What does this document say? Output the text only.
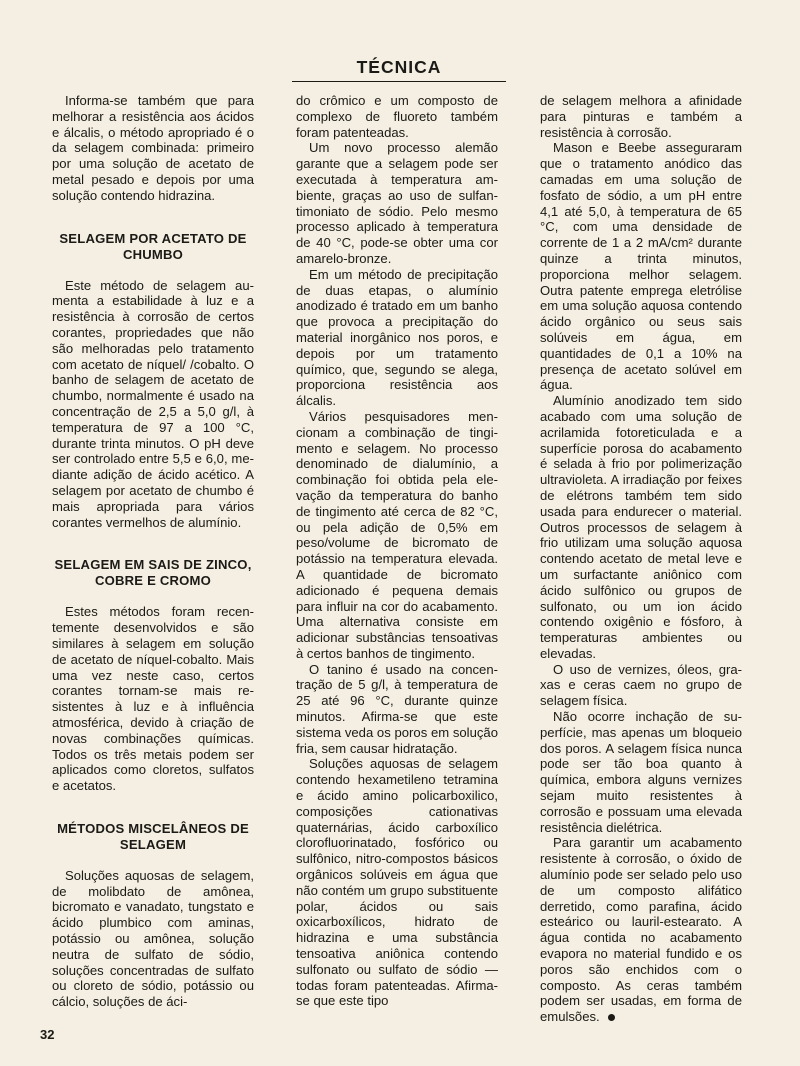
TÉCNICA

Informa-se também que para melhorar a resistência aos ácidos e álcalis, o método apropriado é o da selagem combinada: primeiro por uma solução de acetato de metal pesado e depois por uma solução contendo hidrazina.

SELAGEM POR ACETATO DE CHUMBO

Este método de selagem aumenta a estabilidade à luz e a resistência à corrosão de certos corantes, propriedades que não são melhoradas pelo tratamento com acetato de níquel/ /cobalto. O banho de selagem de acetato de chumbo, normalmente é usado na concentração de 2,5 a 5,0 g/l, à temperatura de 97 a 100 °C, durante trinta minutos. O pH deve ser controlado entre 5,5 e 6,0, mediante adição de ácido acético. A selagem por acetato de chumbo é mais apropriada para vários corantes vermelhos de alumínio.

SELAGEM EM SAIS DE ZINCO, COBRE E CROMO

Estes métodos foram recentemente desenvolvidos e são similares à selagem em solução de acetato de níquel-cobalto. Mais uma vez neste caso, certos corantes tornam-se mais resistentes à luz e à influência atmosférica, devido à criação de novas combinações químicas. Todos os três metais podem ser aplicados como cloretos, sulfatos e acetatos.

MÉTODOS MISCELÂNEOS DE SELAGEM

Soluções aquosas de selagem, de molibdato de amônea, bicromato e vanadato, tungstato e ácido plumbico com aminas, potássio ou amônea, solução neutra de sulfato de sódio, soluções concentradas de sulfato ou cloreto de sódio, potássio ou cálcio, soluções de áci-

do crômico e um composto de complexo de fluoreto também foram patenteadas.

Um novo processo alemão garante que a selagem pode ser executada à temperatura ambiente, graças ao uso de sulfantimoniato de sódio. Pelo mesmo processo aplicado à temperatura de 40 °C, pode-se obter uma cor amarelo-bronze.

Em um método de precipitação de duas etapas, o alumínio anodizado é tratado em um banho que provoca a precipitação do material inorgânico nos poros, e depois por um tratamento químico, que, segundo se alega, proporciona resistência aos álcalis.

Vários pesquisadores mencionam a combinação de tingimento e selagem. No processo denominado de dialumínio, a combinação foi obtida pela elevação da temperatura do banho de tingimento até cerca de 82 °C, ou pela adição de 0,5% em peso/volume de bicromato de potássio na temperatura elevada. A quantidade de bicromato adicionado é pequena demais para influir na cor do acabamento. Uma alternativa consiste em adicionar substâncias tensoativas à certos banhos de tingimento.

O tanino é usado na concentração de 5 g/l, à temperatura de 25 até 96 °C, durante quinze minutos. Afirma-se que este sistema veda os poros em solução fria, sem causar hidratação.

Soluções aquosas de selagem contendo hexametileno tetramina e ácido amino policarboxilico, composições cationativas quaternárias, ácido carboxílico clorofluorinatado, fosfórico ou sulfônico, nitro-compostos básicos orgânicos solúveis em água que não contém um grupo substituente polar, ácidos ou sais oxicarboxílicos, hidrato de hidrazina e uma substância tensoativa aniônica contendo sulfonato ou sulfato de sódio — todas foram patenteadas. Afirma-se que este tipo

de selagem melhora a afinidade para pinturas e também a resistência à corrosão.

Mason e Beebe asseguraram que o tratamento anódico das camadas em uma solução de fosfato de sódio, a um pH entre 4,1 até 5,0, à temperatura de 65 °C, com uma densidade de corrente de 1 a 2 mA/cm² durante quinze a trinta minutos, proporciona melhor selagem. Outra patente emprega eletrólise em uma solução aquosa contendo ácido orgânico ou seus sais solúveis em água, em quantidades de 0,1 a 10% na presença de acetato solúvel em água.

Alumínio anodizado tem sido acabado com uma solução de acrilamida fotoreticulada e a superfície porosa do acabamento é selada à frio por polimerização ultravioleta. A irradiação por feixes de elétrons também tem sido usada para endurecer o material. Outros processos de selagem à frio utilizam uma solução aquosa contendo acetato de metal leve e um surfactante aniônico com ácido sulfônico ou grupos de sulfonato, ou um ion ácido contendo oxigênio e fósforo, à temperaturas ambientes ou elevadas.

O uso de vernizes, óleos, graxas e ceras caem no grupo de selagem física.

Não ocorre inchação de superfície, mas apenas um bloqueio dos poros. A selagem física nunca pode ser tão boa quanto à química, embora alguns vernizes sejam muito resistentes à corrosão e possuam uma elevada resistência dielétrica.

Para garantir um acabamento resistente à corrosão, o óxido de alumínio pode ser selado pelo uso de um composto alifático derretido, como parafina, ácido esteárico ou lauril-estearato. A água contida no acabamento evapora no material fundido e os poros são enchidos com o composto. As ceras também podem ser usadas, em forma de emulsões.

32
